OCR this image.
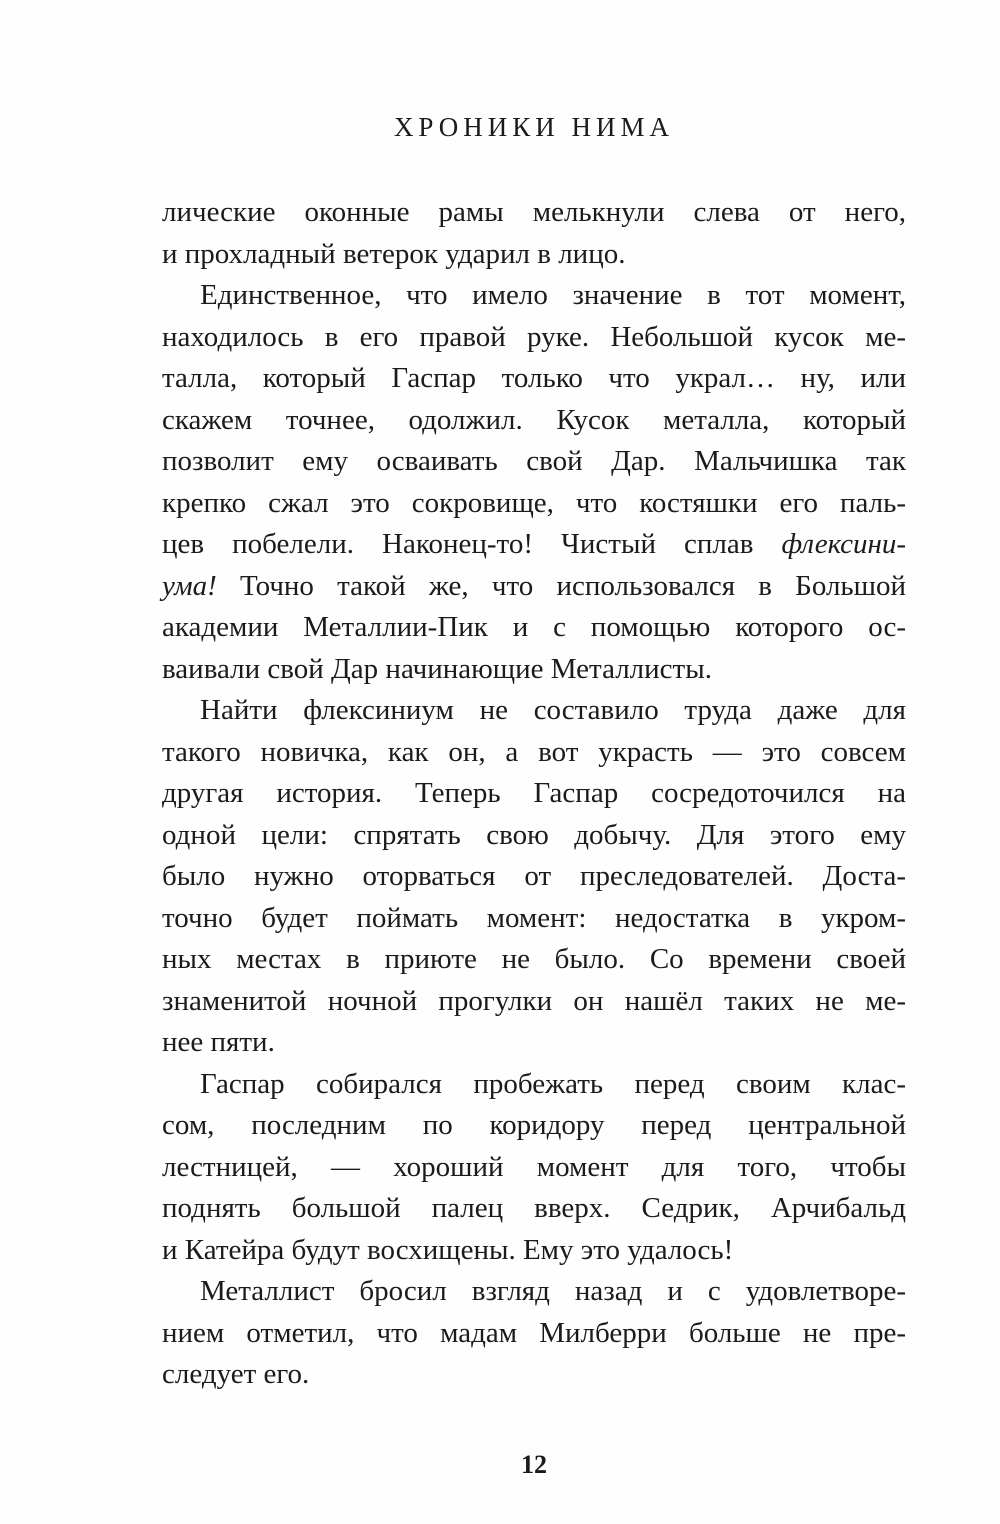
ХРОНИКИ НИМА
лические оконные рамы мелькнули слева от него,
и прохладный ветерок ударил в лицо.
Единственное, что имело значение в тот момент,
находилось в его правой руке. Небольшой кусок ме-
талла, который Гаспар только что украл… ну, или
скажем точнее, одолжил. Кусок металла, который
позволит ему осваивать свой Дар. Мальчишка так
крепко сжал это сокровище, что костяшки его паль-
цев побелели. Наконец-то! Чистый сплав флексини-
ума! Точно такой же, что использовался в Большой
академии Металлии-Пик и с помощью которого ос-
ваивали свой Дар начинающие Металлисты.
Найти флексиниум не составило труда даже для
такого новичка, как он, а вот украсть — это совсем
другая история. Теперь Гаспар сосредоточился на
одной цели: спрятать свою добычу. Для этого ему
было нужно оторваться от преследователей. Доста-
точно будет поймать момент: недостатка в укром-
ных местах в приюте не было. Со времени своей
знаменитой ночной прогулки он нашёл таких не ме-
нее пяти.
Гаспар собирался пробежать перед своим клас-
сом, последним по коридору перед центральной
лестницей, — хороший момент для того, чтобы
поднять большой палец вверх. Седрик, Арчибальд
и Катейра будут восхищены. Ему это удалось!
Металлист бросил взгляд назад и с удовлетворе-
нием отметил, что мадам Милберри больше не пре-
следует его.
12
